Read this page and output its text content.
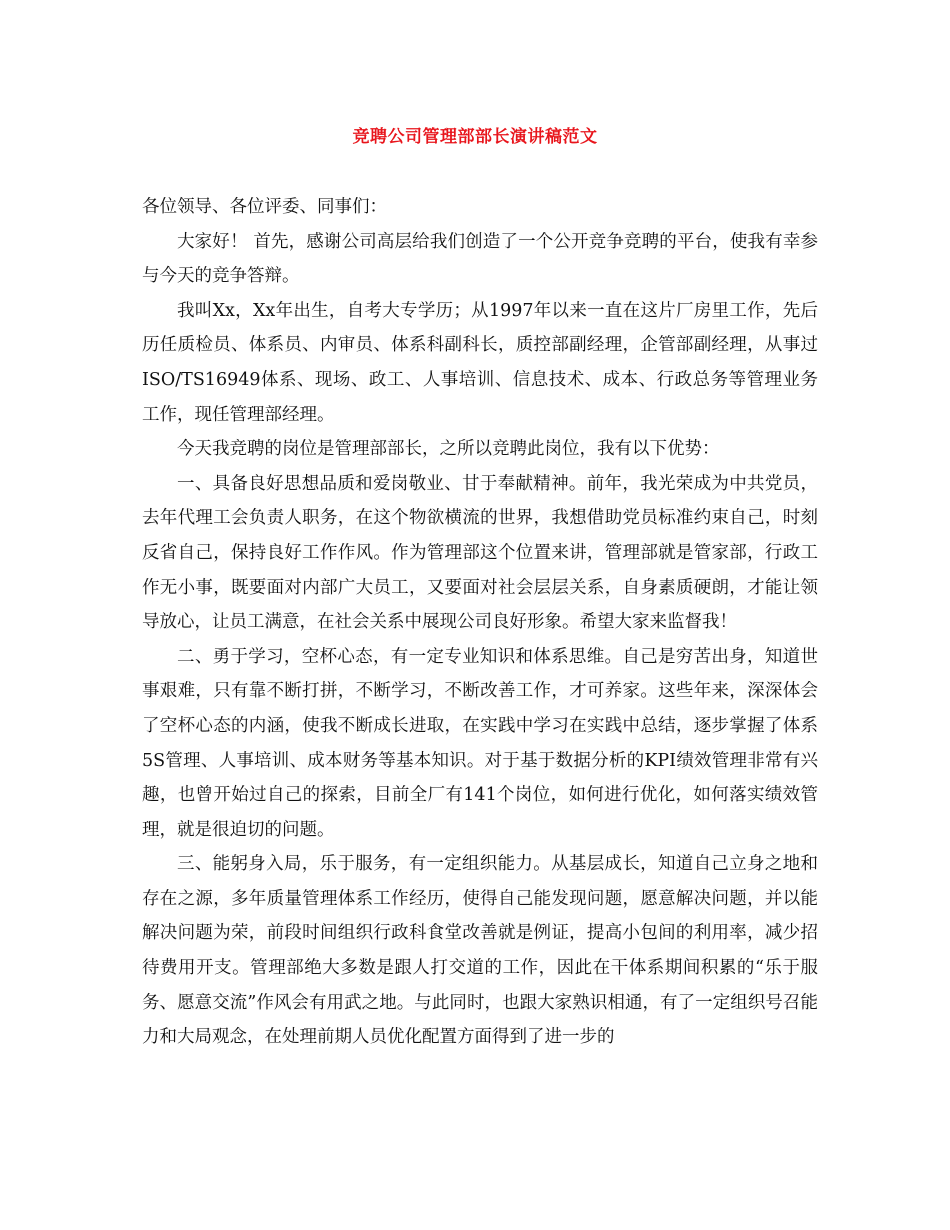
竞聘公司管理部部长演讲稿范文

各位领导、各位评委、同事们：

大家好！ 首先，感谢公司高层给我们创造了一个公开竞争竞聘的平台，使我有幸参与今天的竞争答辩。

我叫Xx，Xx年出生，自考大专学历；从1997年以来一直在这片厂房里工作，先后历任质检员、体系员、内审员、体系科副科长，质控部副经理，企管部副经理，从事过ISO/TS16949体系、现场、政工、人事培训、信息技术、成本、行政总务等管理业务工作，现任管理部经理。

今天我竞聘的岗位是管理部部长，之所以竞聘此岗位，我有以下优势：

一、具备良好思想品质和爱岗敬业、甘于奉献精神。前年，我光荣成为中共党员，去年代理工会负责人职务，在这个物欲横流的世界，我想借助党员标准约束自己，时刻反省自己，保持良好工作作风。作为管理部这个位置来讲，管理部就是管家部，行政工作无小事，既要面对内部广大员工，又要面对社会层层关系，自身素质硬朗，才能让领导放心，让员工满意，在社会关系中展现公司良好形象。希望大家来监督我！

二、勇于学习，空杯心态，有一定专业知识和体系思维。自己是穷苦出身，知道世事艰难，只有靠不断打拼，不断学习，不断改善工作，才可养家。这些年来，深深体会了空杯心态的内涵，使我不断成长进取，在实践中学习在实践中总结，逐步掌握了体系5S管理、人事培训、成本财务等基本知识。对于基于数据分析的KPI绩效管理非常有兴趣，也曾开始过自己的探索，目前全厂有141个岗位，如何进行优化，如何落实绩效管理，就是很迫切的问题。

三、能躬身入局，乐于服务，有一定组织能力。从基层成长，知道自己立身之地和存在之源，多年质量管理体系工作经历，使得自己能发现问题，愿意解决问题，并以能解决问题为荣，前段时间组织行政科食堂改善就是例证，提高小包间的利用率，减少招待费用开支。管理部绝大多数是跟人打交道的工作，因此在干体系期间积累的“乐于服务、愿意交流”作风会有用武之地。与此同时，也跟大家熟识相通，有了一定组织号召能力和大局观念，在处理前期人员优化配置方面得到了进一步的
